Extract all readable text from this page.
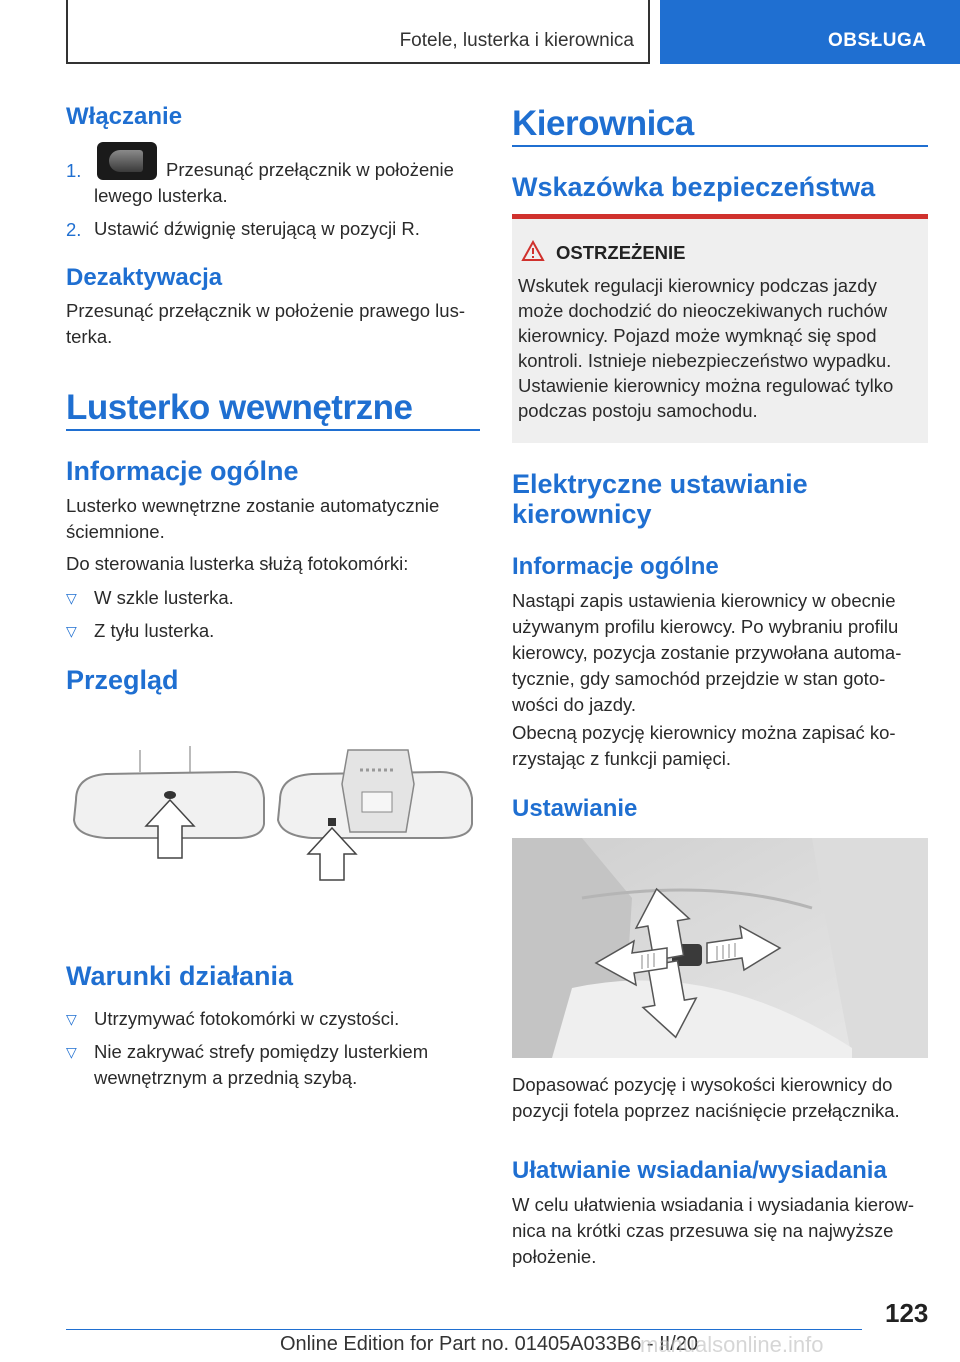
Fotele, lusterka i kierownica	OBSŁUGA
Włączanie
1.	Przesunąć przełącznik w położenie
lewego lusterka.
2. Ustawić dźwignię sterującą w pozycji R.
Dezaktywacja
Przesunąć przełącznik w położenie prawego lus-
terka.
Lusterko wewnętrzne
Informacje ogólne
Lusterko wewnętrzne zostanie automatycznie
ściemnione.
Do sterowania lusterka służą fotokomórki:
▽ W szkle lusterka.
▽ Z tyłu lusterka.
Przegląd
Warunki działania
▽ Utrzymywać fotokomórki w czystości.
▽ Nie zakrywać strefy pomiędzy lusterkiem
wewnętrznym a przednią szybą.
Kierownica
Wskazówka bezpieczeństwa
OSTRZEŻENIE
Wskutek regulacji kierownicy podczas jazdy
może dochodzić do nieoczekiwanych ruchów
kierownicy. Pojazd może wymknąć się spod
kontroli. Istnieje niebezpieczeństwo wypadku.
Ustawienie kierownicy można regulować tylko
podczas postoju samochodu.
Elektryczne ustawianie
kierownicy
Informacje ogólne
Nastąpi zapis ustawienia kierownicy w obecnie
używanym profilu kierowcy. Po wybraniu profilu
kierowcy, pozycja zostanie przywołana automa-
tycznie, gdy samochód przejdzie w stan goto-
wości do jazdy.
Obecną pozycję kierownicy można zapisać ko-
rzystając z funkcji pamięci.
Ustawianie
Dopasować pozycję i wysokości kierownicy do
pozycji fotela poprzez naciśnięcie przełącznika.
Ułatwianie wsiadania/wysiadania
W celu ułatwienia wsiadania i wysiadania kierow-
nica na krótki czas przesuwa się na najwyższe
położenie.
123
Online Edition for Part no. 01405A033B6 - II/20
manualsonline.info
